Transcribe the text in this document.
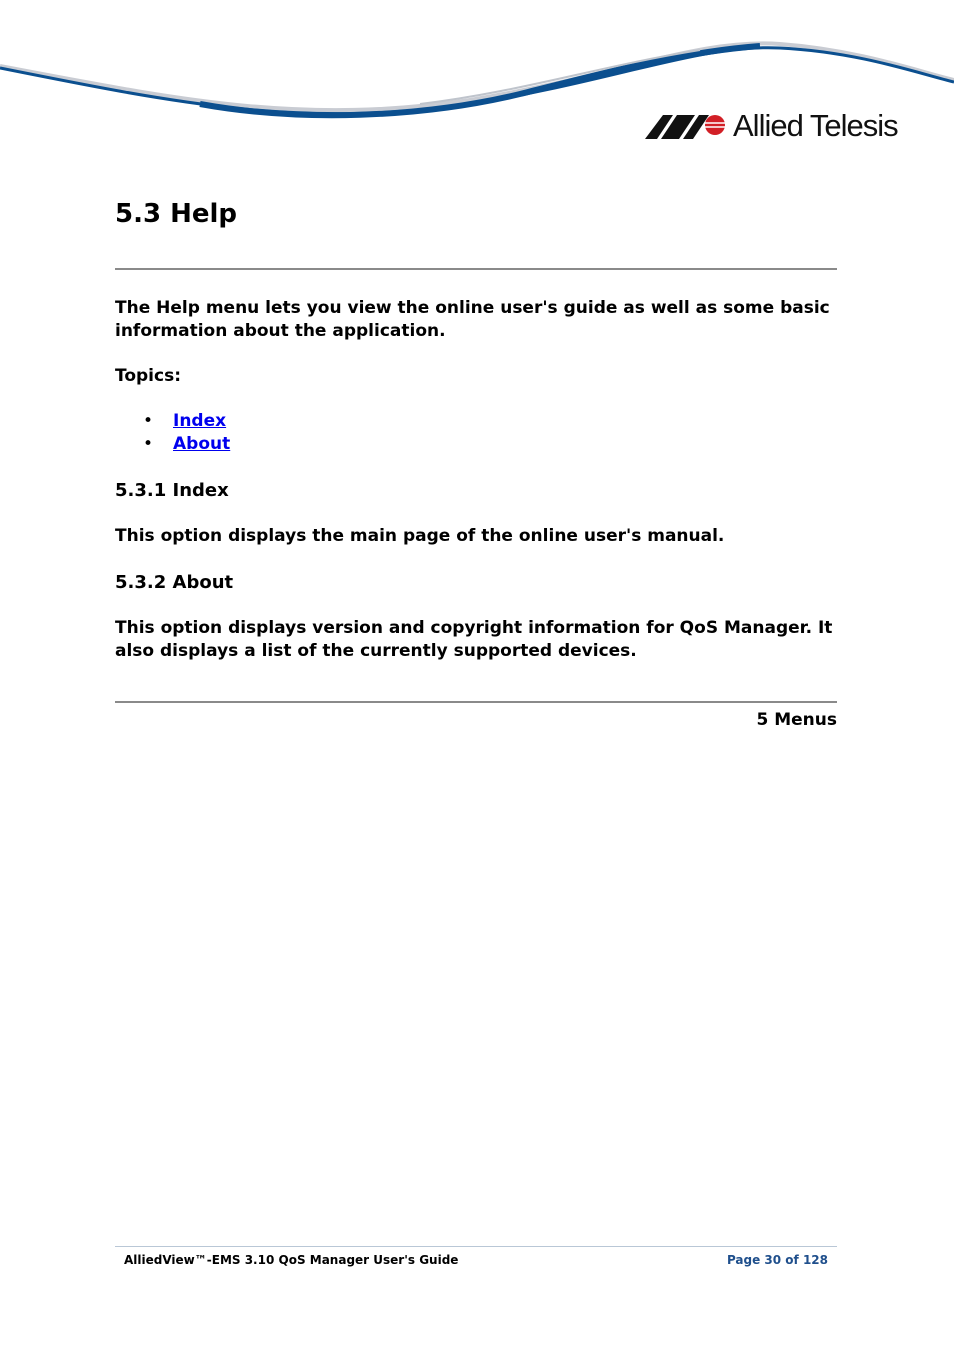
Allied Telesis
5.3 Help

The Help menu lets you view the online user's guide as well as some basic information about the application.

Topics:

• Index
• About
5.3.1 Index

This option displays the main page of the online user's manual.

5.3.2 About

This option displays version and copyright information for QoS Manager. It also displays a list of the currently supported devices.

5 Menus
AlliedView™-EMS 3.10 QoS Manager User's Guide	Page 30 of 128
